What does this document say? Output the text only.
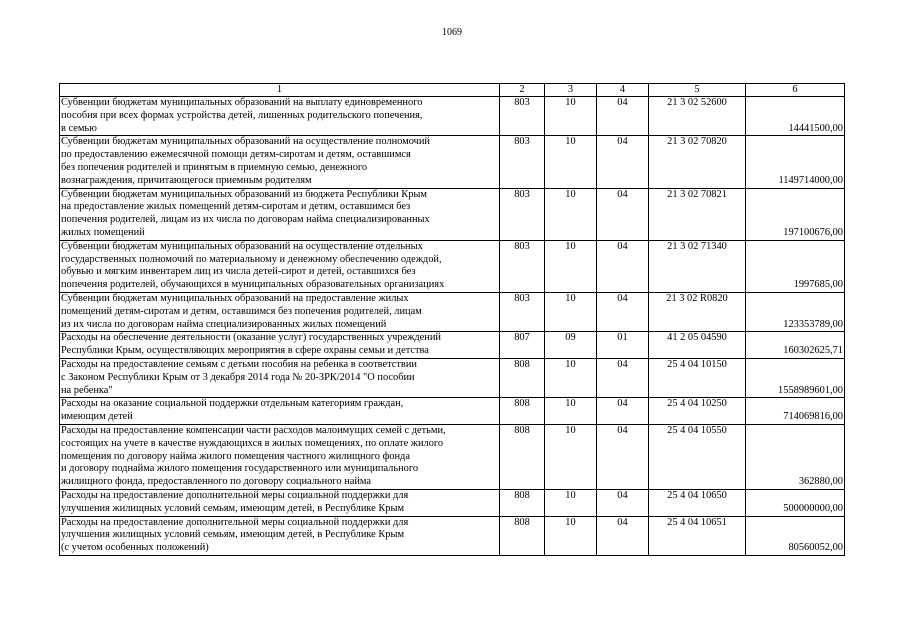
1069
1	2	3	4	5	6
Субвенции бюджетам муниципальных образований на выплату единовременного
пособия при всех формах устройства детей, лишенных родительского попечения,
в семью	803	10	04	21 3 02 52600	14441500,00
Субвенции бюджетам муниципальных образований на осуществление полномочий
по предоставлению ежемесячной помощи детям-сиротам и детям, оставшимся
без попечения родителей и принятым в приемную семью, денежного
вознаграждения, причитающегося приемным родителям	803	10	04	21 3 02 70820	1149714000,00
Субвенции бюджетам муниципальных образований из бюджета Республики Крым
на предоставление жилых помещений детям-сиротам и детям, оставшимся без
попечения родителей, лицам из их числа по договорам найма специализированных
жилых помещений	803	10	04	21 3 02 70821	197100676,00
Субвенции бюджетам муниципальных образований на осуществление отдельных
государственных полномочий по материальному и денежному обеспечению одеждой,
обувью и мягким инвентарем лиц из числа детей-сирот и детей, оставшихся без
попечения родителей, обучающихся в муниципальных образовательных организациях	803	10	04	21 3 02 71340	1997685,00
Субвенции бюджетам муниципальных образований на предоставление жилых
помещений детям-сиротам и детям, оставшимся без попечения родителей, лицам
из их числа по договорам найма специализированных жилых помещений	803	10	04	21 3 02 R0820	123353789,00
Расходы на обеспечение деятельности (оказание услуг) государственных учреждений
Республики Крым, осуществляющих мероприятия в сфере охраны семьи и детства	807	09	01	41 2 05 04590	160302625,71
Расходы на предоставление семьям с детьми пособия на ребенка в соответствии
с Законом Республики Крым от 3 декабря 2014 года № 20-ЗРК/2014 "О пособии
на ребенка"	808	10	04	25 4 04 10150	1558989601,00
Расходы на оказание социальной поддержки отдельным категориям граждан,
имеющим детей	808	10	04	25 4 04 10250	714069816,00
Расходы на предоставление компенсации части расходов малоимущих семей с детьми,
состоящих на учете в качестве нуждающихся в жилых помещениях, по оплате жилого
помещения по договору найма жилого помещения частного жилищного фонда
и договору поднайма жилого помещения государственного или муниципального
жилищного фонда, предоставленного по договору социального найма	808	10	04	25 4 04 10550	362880,00
Расходы на предоставление дополнительной меры социальной поддержки для
улучшения жилищных условий семьям, имеющим детей, в Республике Крым	808	10	04	25 4 04 10650	500000000,00
Расходы на предоставление дополнительной меры социальной поддержки для
улучшения жилищных условий семьям, имеющим детей, в Республике Крым
(с учетом особенных положений)	808	10	04	25 4 04 10651	80560052,00
